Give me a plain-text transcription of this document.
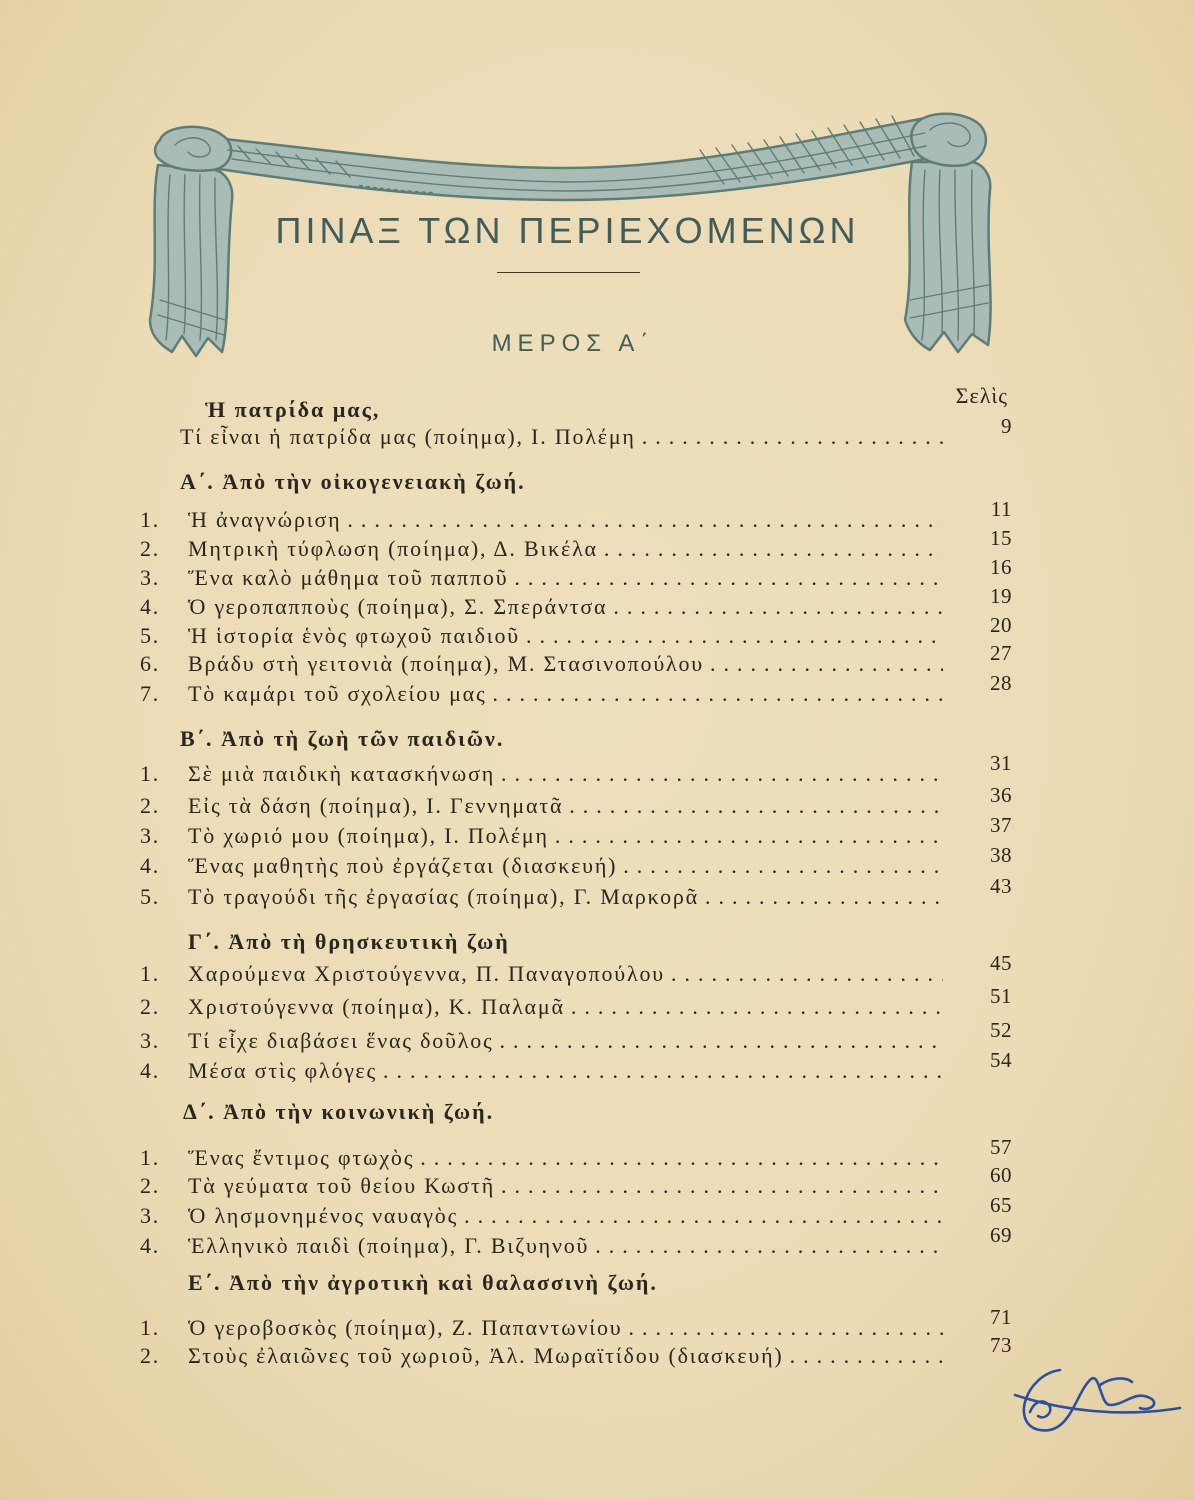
ΠΙΝΑΞ ΤΩΝ ΠΕΡΙΕΧΟΜΕΝΩΝ
ΜΕΡΟΣ Α΄
Σελὶς
Ἡ πατρίδα μας,
Τί εἶναι ἡ πατρίδα μας (ποίημα), Ι. Πολέμη .....	9
Α΄. Ἀπὸ τὴν οἰκογενειακὴ ζωή.
1.	Ἡ ἀναγνώριση .....	11
2.	Μητρικὴ τύφλωση (ποίημα), Δ. Βικέλα .....	15
3.	Ἕνα καλὸ μάθημα τοῦ παπποῦ .....	16
4.	Ὁ γεροπαπποὺς (ποίημα), Σ. Σπεράντσα .....	19
5.	Ἡ ἱστορία ἑνὸς φτωχοῦ παιδιοῦ .....	20
6.	Βράδυ στὴ γειτονιὰ (ποίημα), Μ. Στασινοπούλου .....	27
7.	Τὸ καμάρι τοῦ σχολείου μας .....	28
Β΄. Ἀπὸ τὴ ζωὴ τῶν παιδιῶν.
1.	Σὲ μιὰ παιδικὴ κατασκήνωση .....	31
2.	Εἰς τὰ δάση (ποίημα), Ι. Γεννηματᾶ .....	36
3.	Τὸ χωριό μου (ποίημα), Ι. Πολέμη .....	37
4.	Ἕνας μαθητὴς ποὺ ἐργάζεται (διασκευή) .....	38
5.	Τὸ τραγούδι τῆς ἐργασίας (ποίημα), Γ. Μαρκορᾶ .....	43
Γ΄. Ἀπὸ τὴ θρησκευτικὴ ζωὴ
1.	Χαρούμενα Χριστούγεννα, Π. Παναγοπούλου .....	45
2.	Χριστούγεννα (ποίημα), Κ. Παλαμᾶ .....	51
3.	Τί εἶχε διαβάσει ἕνας δοῦλος .....	52
4.	Μέσα στὶς φλόγες .....	54
Δ΄. Ἀπὸ τὴν κοινωνικὴ ζωή.
1.	Ἕνας ἔντιμος φτωχὸς .....	57
2.	Τὰ γεύματα τοῦ θείου Κωστῆ .....	60
3.	Ὁ λησμονημένος ναυαγὸς .....	65
4.	Ἑλληνικὸ παιδὶ (ποίημα), Γ. Βιζυηνοῦ .....	69
Ε΄. Ἀπὸ τὴν ἀγροτικὴ καὶ θαλασσινὴ ζωή.
1.	Ὁ γεροβοσκὸς (ποίημα), Ζ. Παπαντωνίου .....	71
2.	Στοὺς ἐλαιῶνες τοῦ χωριοῦ, Ἀλ. Μωραϊτίδου (διασκευή) .....	73
